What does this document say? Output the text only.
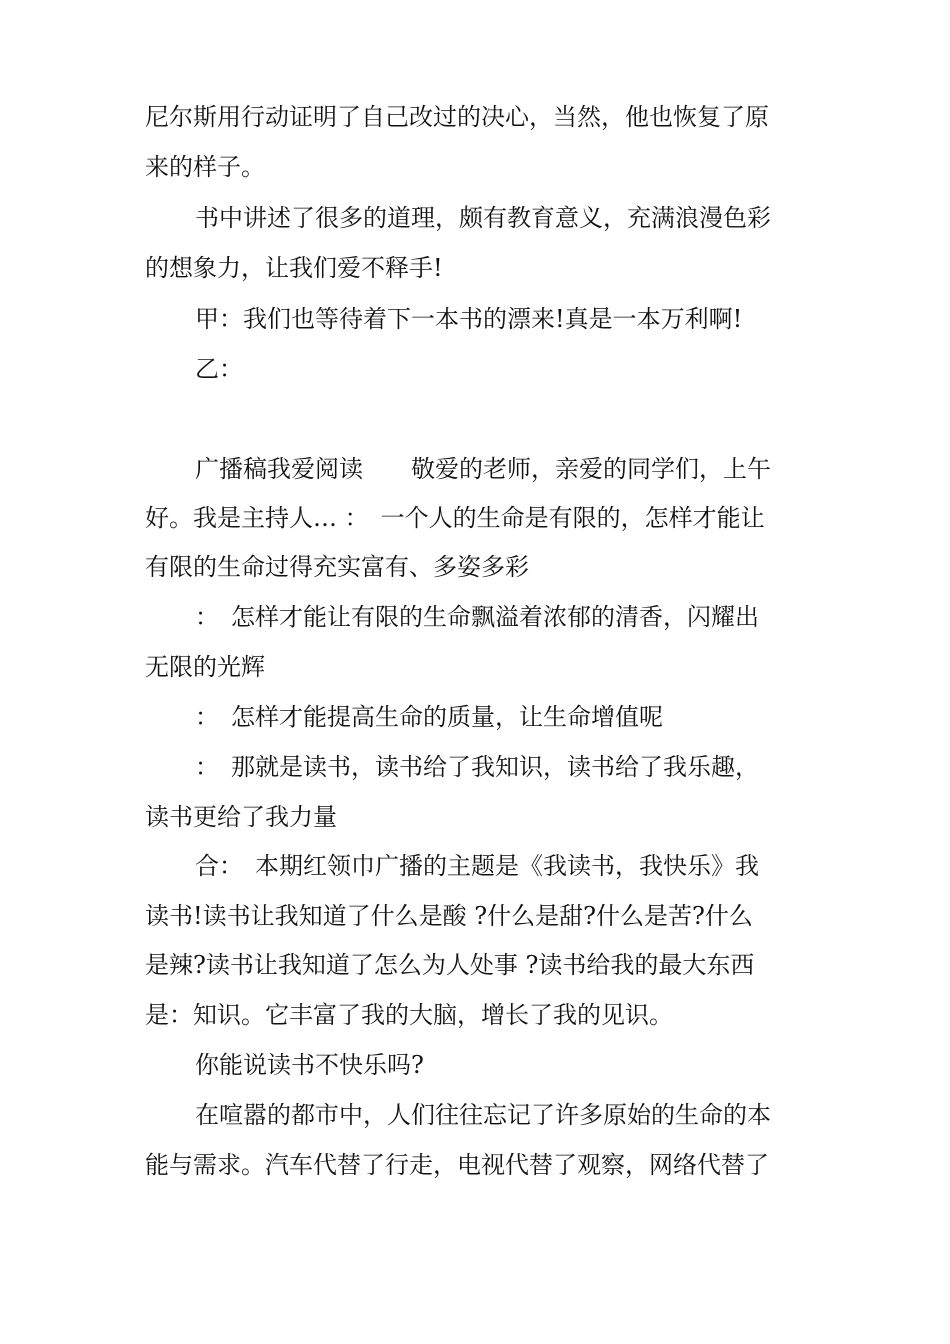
尼尔斯用行动证明了自己改过的决心，当然，他也恢复了原
来的样子。
书中讲述了很多的道理，颇有教育意义，充满浪漫色彩
的想象力，让我们爱不释手!
甲：我们也等待着下一本书的漂来!真是一本万利啊!
乙：
广播稿我爱阅读　　敬爱的老师，亲爱的同学们，上午
好。我是主持人… ：　一个人的生命是有限的，怎样才能让
有限的生命过得充实富有、多姿多彩
：　怎样才能让有限的生命飘溢着浓郁的清香，闪耀出
无限的光辉
：　怎样才能提高生命的质量，让生命增值呢
：　那就是读书，读书给了我知识，读书给了我乐趣，
读书更给了我力量
合：　本期红领巾广播的主题是《我读书，我快乐》我
读书!读书让我知道了什么是酸 ?什么是甜?什么是苦?什么
是辣?读书让我知道了怎么为人处事 ?读书给我的最大东西
是：知识。它丰富了我的大脑，增长了我的见识。
你能说读书不快乐吗?
在喧嚣的都市中，人们往往忘记了许多原始的生命的本
能与需求。汽车代替了行走，电视代替了观察，网络代替了
